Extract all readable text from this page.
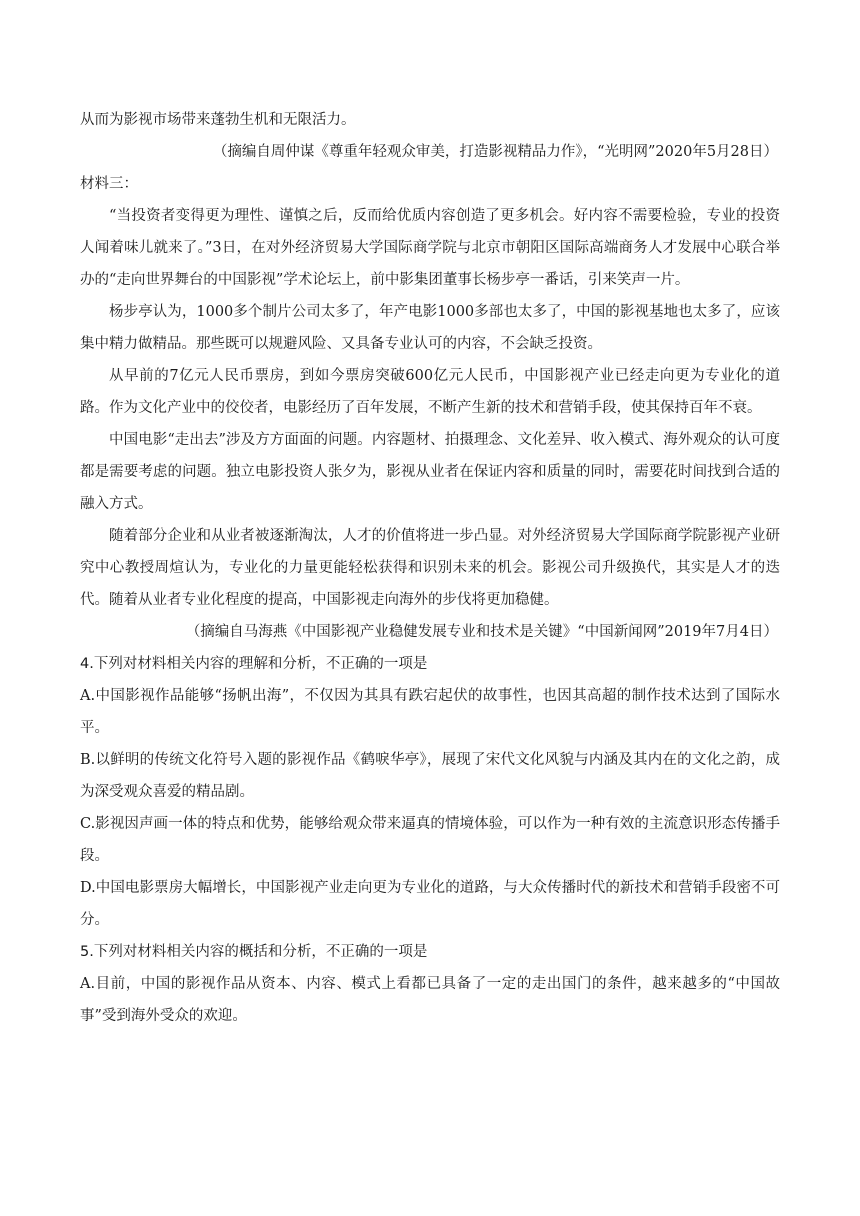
从而为影视市场带来蓬勃生机和无限活力。

（摘编自周仲谋《尊重年轻观众审美，打造影视精品力作》，“光明网”2020年5月28日）

材料三：

“当投资者变得更为理性、谨慎之后，反而给优质内容创造了更多机会。好内容不需要检验，专业的投资人闻着味儿就来了。”3日，在对外经济贸易大学国际商学院与北京市朝阳区国际高端商务人才发展中心联合举办的“走向世界舞台的中国影视”学术论坛上，前中影集团董事长杨步亭一番话，引来笑声一片。

杨步亭认为，1000多个制片公司太多了，年产电影1000多部也太多了，中国的影视基地也太多了，应该集中精力做精品。那些既可以规避风险、又具备专业认可的内容，不会缺乏投资。

从早前的7亿元人民币票房，到如今票房突破600亿元人民币，中国影视产业已经走向更为专业化的道路。作为文化产业中的佼佼者，电影经历了百年发展，不断产生新的技术和营销手段，使其保持百年不衰。

中国电影“走出去”涉及方方面面的问题。内容题材、拍摄理念、文化差异、收入模式、海外观众的认可度都是需要考虑的问题。独立电影投资人张夕为，影视从业者在保证内容和质量的同时，需要花时间找到合适的融入方式。

随着部分企业和从业者被逐渐淘汰，人才的价值将进一步凸显。对外经济贸易大学国际商学院影视产业研究中心教授周煊认为，专业化的力量更能轻松获得和识别未来的机会。影视公司升级换代，其实是人才的迭代。随着从业者专业化程度的提高，中国影视走向海外的步伐将更加稳健。

（摘编自马海燕《中国影视产业稳健发展专业和技术是关键》“中国新闻网”2019年7月4日）

4.下列对材料相关内容的理解和分析，不正确的一项是

A.中国影视作品能够“扬帆出海”，不仅因为其具有跌宕起伏的故事性，也因其高超的制作技术达到了国际水平。

B.以鲜明的传统文化符号入题的影视作品《鹤唳华亭》，展现了宋代文化风貌与内涵及其内在的文化之韵，成为深受观众喜爱的精品剧。

C.影视因声画一体的特点和优势，能够给观众带来逼真的情境体验，可以作为一种有效的主流意识形态传播手段。

D.中国电影票房大幅增长，中国影视产业走向更为专业化的道路，与大众传播时代的新技术和营销手段密不可分。

5.下列对材料相关内容的概括和分析，不正确的一项是

A.目前，中国的影视作品从资本、内容、模式上看都已具备了一定的走出国门的条件，越来越多的“中国故事”受到海外受众的欢迎。
